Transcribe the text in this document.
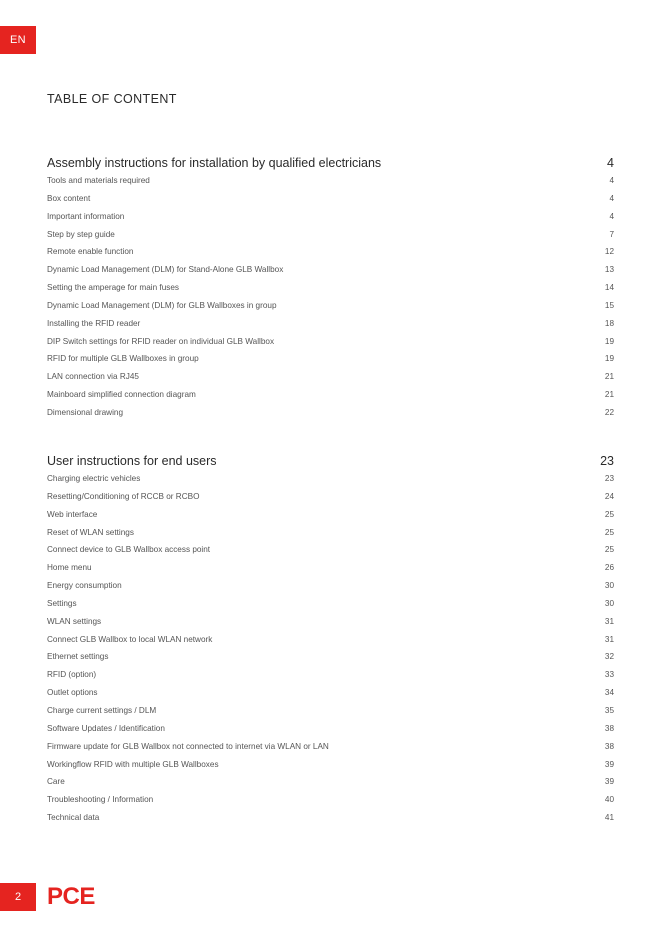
EN
TABLE OF CONTENT
Assembly instructions for installation by qualified electricians	4
Tools and materials required	4
Box content	4
Important information	4
Step by step guide	7
Remote enable function	12
Dynamic Load Management (DLM) for Stand-Alone GLB Wallbox	13
Setting the amperage for main fuses	14
Dynamic Load Management (DLM) for GLB Wallboxes in group	15
Installing the RFID reader	18
DIP Switch settings for RFID reader on individual GLB Wallbox	19
RFID for multiple GLB Wallboxes in group	19
LAN connection via RJ45	21
Mainboard simplified connection diagram	21
Dimensional drawing	22
User instructions for end users	23
Charging electric vehicles	23
Resetting/Conditioning of RCCB or RCBO	24
Web interface	25
Reset of WLAN settings	25
Connect device to GLB Wallbox access point	25
Home menu	26
Energy consumption	30
Settings	30
WLAN settings	31
Connect GLB Wallbox to local WLAN network	31
Ethernet settings	32
RFID (option)	33
Outlet options	34
Charge current settings / DLM	35
Software Updates / Identification	38
Firmware update for GLB Wallbox not connected to internet via WLAN or LAN	38
Workingflow RFID with multiple GLB Wallboxes	39
Care	39
Troubleshooting / Information	40
Technical data	41
2	PCE
